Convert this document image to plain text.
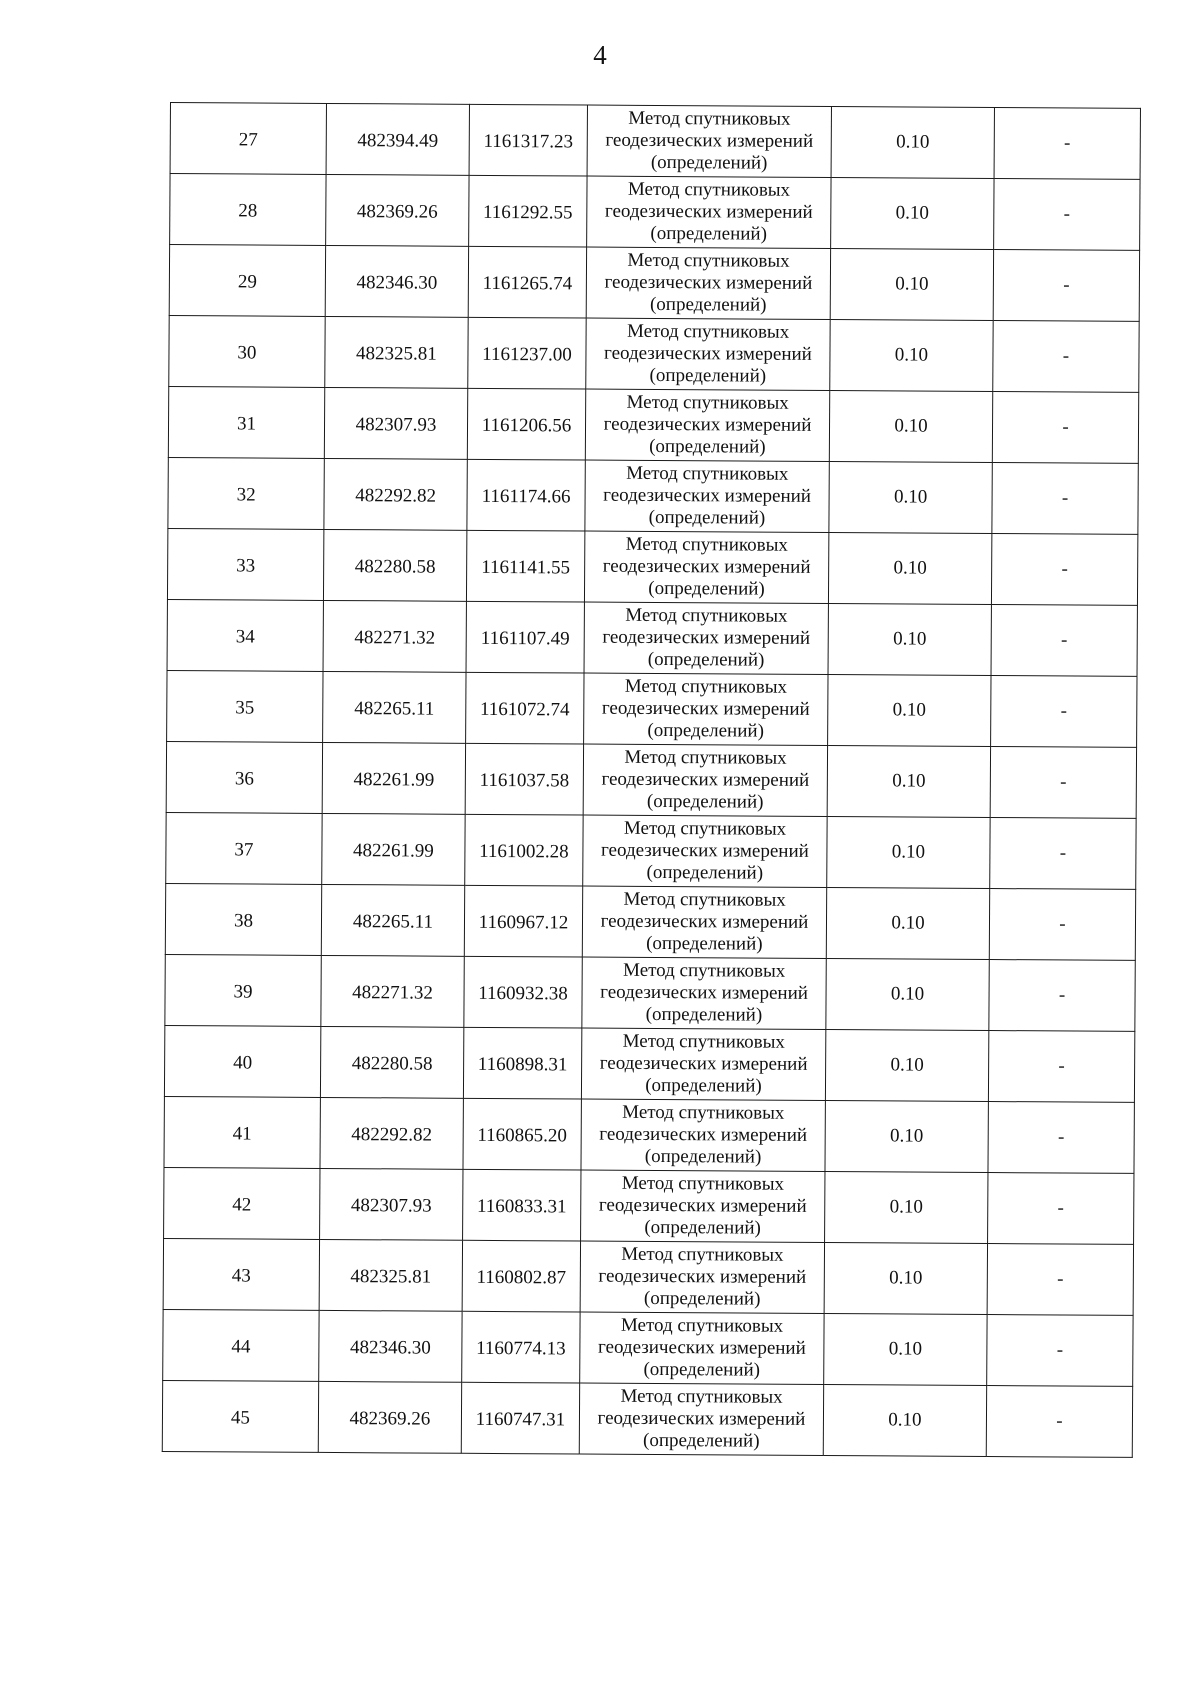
4
27	482394.49	1161317.23	Метод спутниковых
геодезических измерений
(определений)	0.10	-
28	482369.26	1161292.55	Метод спутниковых
геодезических измерений
(определений)	0.10	-
29	482346.30	1161265.74	Метод спутниковых
геодезических измерений
(определений)	0.10	-
30	482325.81	1161237.00	Метод спутниковых
геодезических измерений
(определений)	0.10	-
31	482307.93	1161206.56	Метод спутниковых
геодезических измерений
(определений)	0.10	-
32	482292.82	1161174.66	Метод спутниковых
геодезических измерений
(определений)	0.10	-
33	482280.58	1161141.55	Метод спутниковых
геодезических измерений
(определений)	0.10	-
34	482271.32	1161107.49	Метод спутниковых
геодезических измерений
(определений)	0.10	-
35	482265.11	1161072.74	Метод спутниковых
геодезических измерений
(определений)	0.10	-
36	482261.99	1161037.58	Метод спутниковых
геодезических измерений
(определений)	0.10	-
37	482261.99	1161002.28	Метод спутниковых
геодезических измерений
(определений)	0.10	-
38	482265.11	1160967.12	Метод спутниковых
геодезических измерений
(определений)	0.10	-
39	482271.32	1160932.38	Метод спутниковых
геодезических измерений
(определений)	0.10	-
40	482280.58	1160898.31	Метод спутниковых
геодезических измерений
(определений)	0.10	-
41	482292.82	1160865.20	Метод спутниковых
геодезических измерений
(определений)	0.10	-
42	482307.93	1160833.31	Метод спутниковых
геодезических измерений
(определений)	0.10	-
43	482325.81	1160802.87	Метод спутниковых
геодезических измерений
(определений)	0.10	-
44	482346.30	1160774.13	Метод спутниковых
геодезических измерений
(определений)	0.10	-
45	482369.26	1160747.31	Метод спутниковых
геодезических измерений
(определений)	0.10	-
